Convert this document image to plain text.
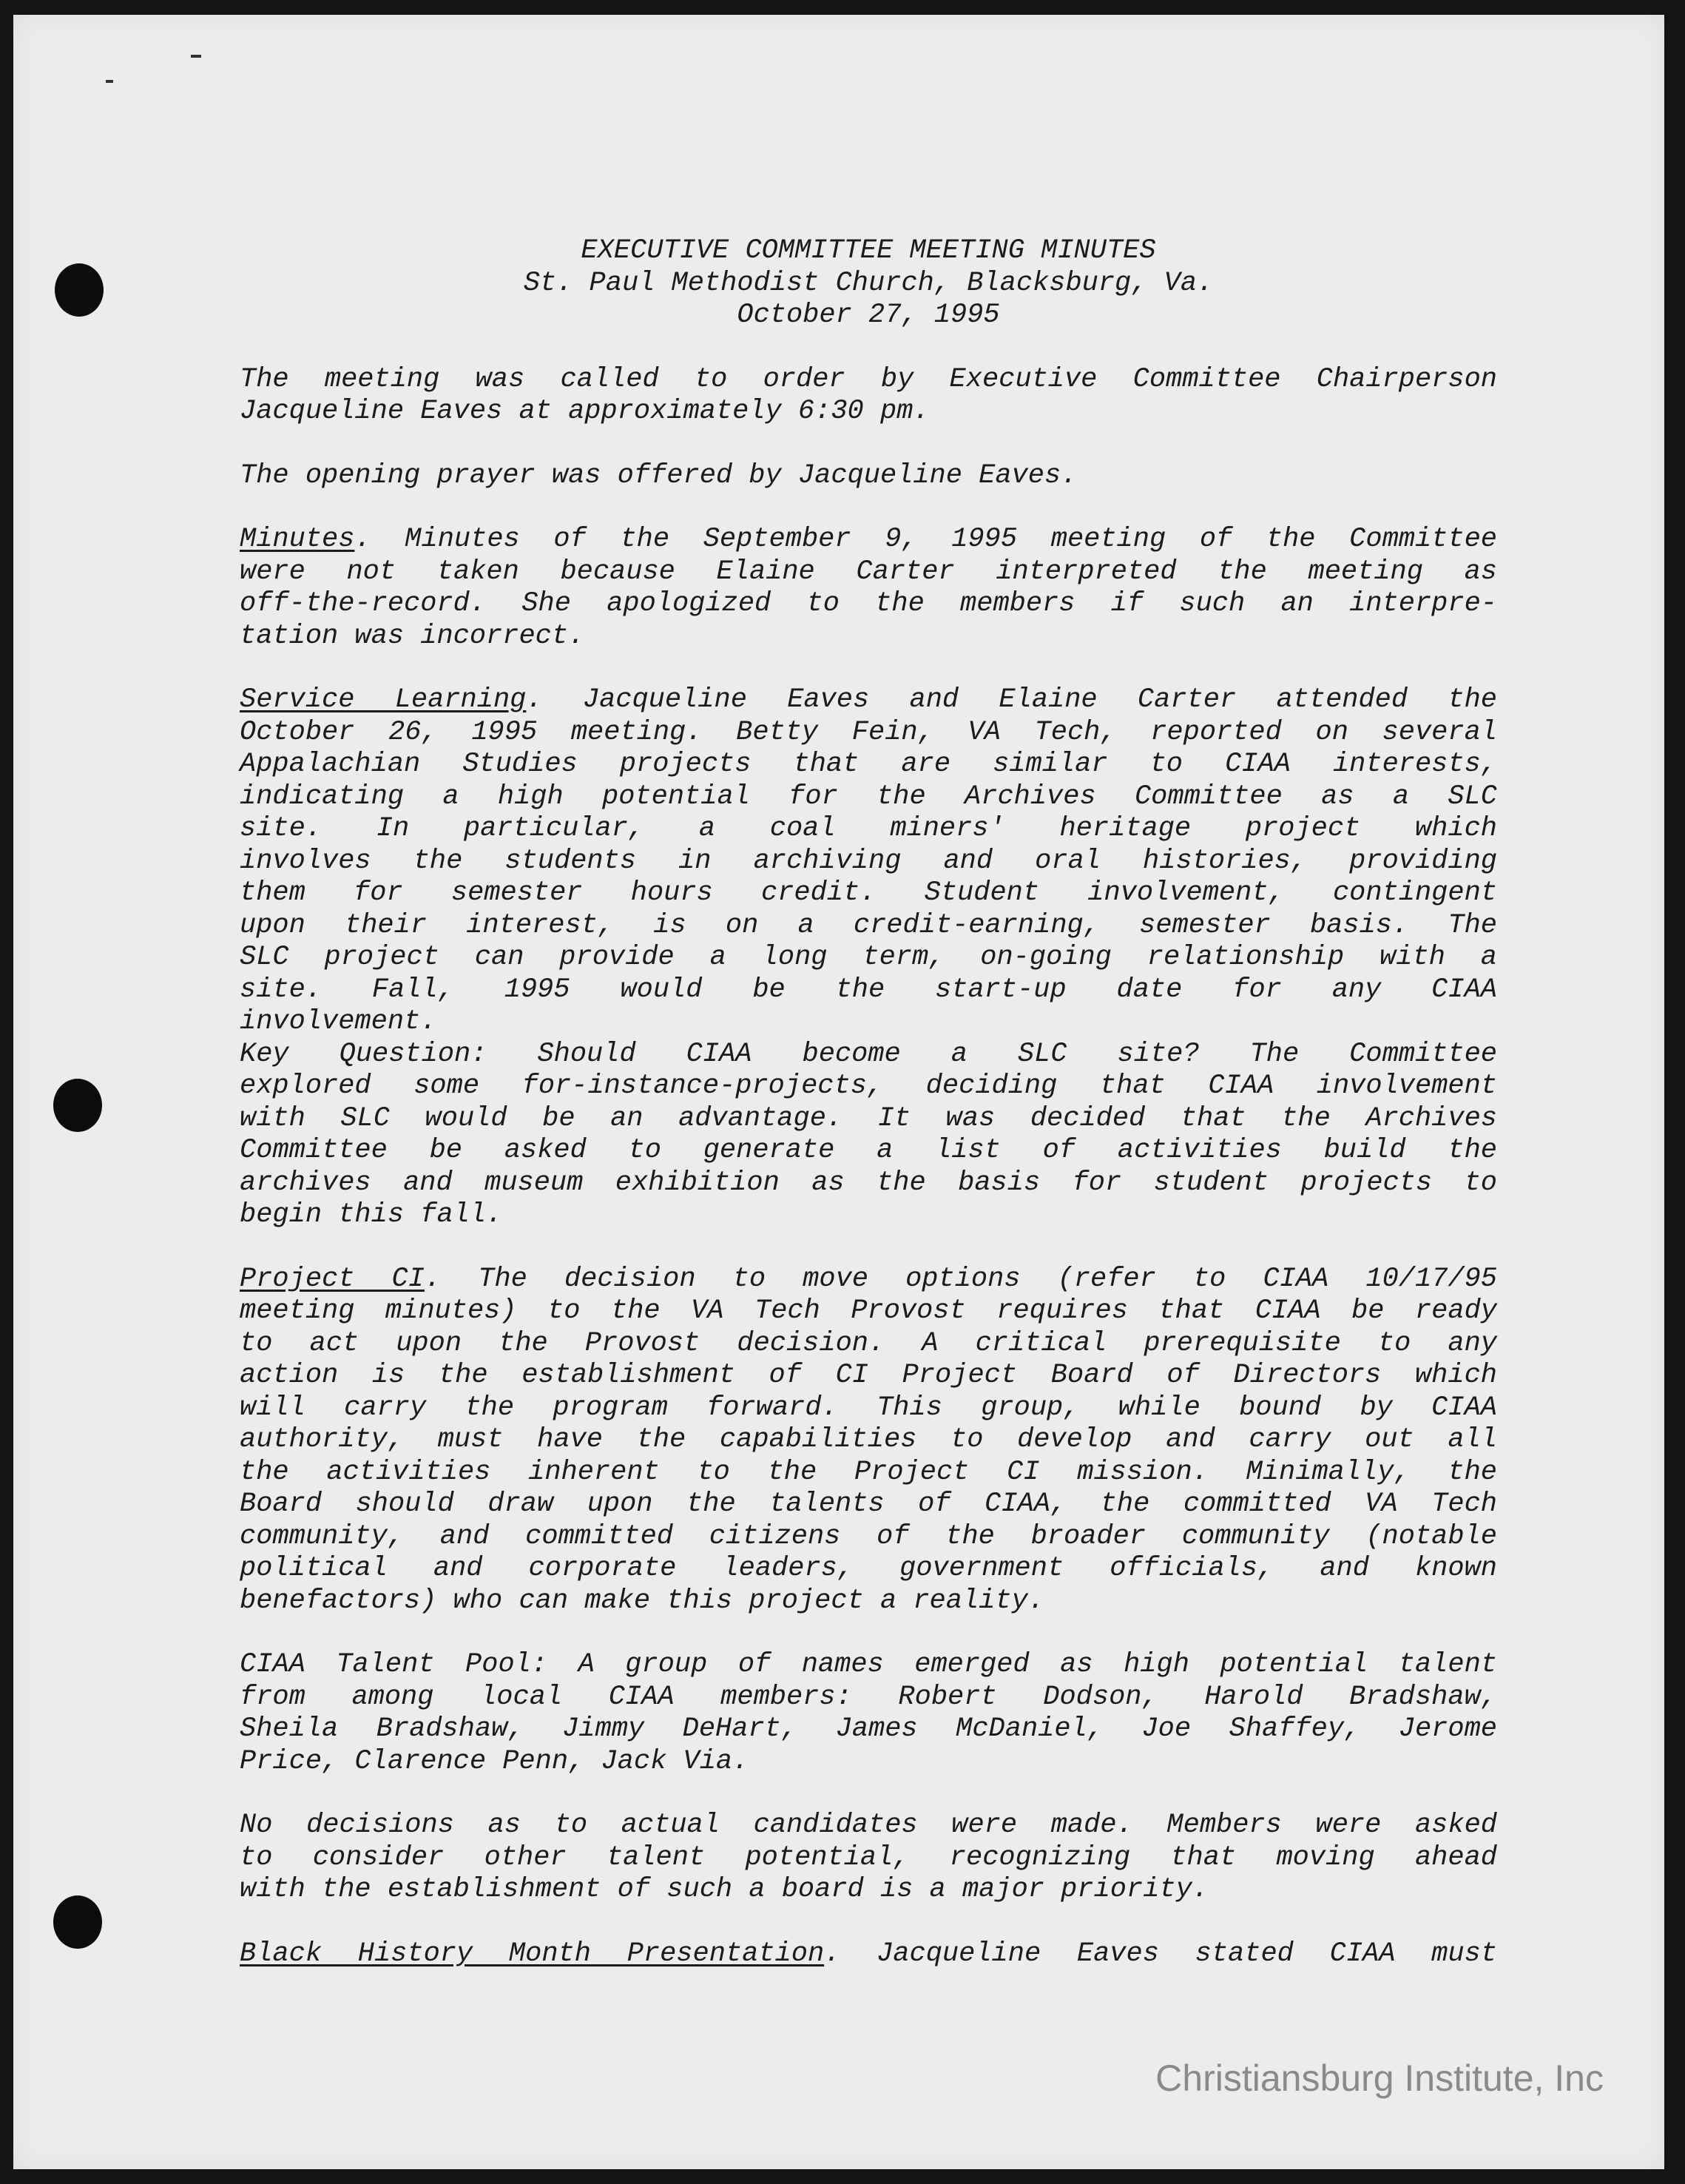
EXECUTIVE COMMITTEE MEETING MINUTES
St. Paul Methodist Church, Blacksburg, Va.
October 27, 1995
The meeting was called to order by Executive Committee Chairperson
Jacqueline Eaves at approximately 6:30 pm.
The opening prayer was offered by Jacqueline Eaves.
Minutes. Minutes of the September 9, 1995 meeting of the Committee
were not taken because Elaine Carter interpreted the meeting as
off-the-record. She apologized to the members if such an interpre-
tation was incorrect.
Service Learning. Jacqueline Eaves and Elaine Carter attended the
October 26, 1995 meeting. Betty Fein, VA Tech, reported on several
Appalachian Studies projects that are similar to CIAA interests,
indicating a high potential for the Archives Committee as a SLC
site. In particular, a coal miners' heritage project which
involves the students in archiving and oral histories, providing
them for semester hours credit. Student involvement, contingent
upon their interest, is on a credit-earning, semester basis. The
SLC project can provide a long term, on-going relationship with a
site. Fall, 1995 would be the start-up date for any CIAA
involvement.
Key Question: Should CIAA become a SLC site? The Committee
explored some for-instance-projects, deciding that CIAA involvement
with SLC would be an advantage. It was decided that the Archives
Committee be asked to generate a list of activities build the
archives and museum exhibition as the basis for student projects to
begin this fall.
Project CI. The decision to move options (refer to CIAA 10/17/95
meeting minutes) to the VA Tech Provost requires that CIAA be ready
to act upon the Provost decision. A critical prerequisite to any
action is the establishment of CI Project Board of Directors which
will carry the program forward. This group, while bound by CIAA
authority, must have the capabilities to develop and carry out all
the activities inherent to the Project CI mission. Minimally, the
Board should draw upon the talents of CIAA, the committed VA Tech
community, and committed citizens of the broader community (notable
political and corporate leaders, government officials, and known
benefactors) who can make this project a reality.
CIAA Talent Pool: A group of names emerged as high potential talent
from among local CIAA members: Robert Dodson, Harold Bradshaw,
Sheila Bradshaw, Jimmy DeHart, James McDaniel, Joe Shaffey, Jerome
Price, Clarence Penn, Jack Via.
No decisions as to actual candidates were made. Members were asked
to consider other talent potential, recognizing that moving ahead
with the establishment of such a board is a major priority.
Black History Month Presentation. Jacqueline Eaves stated CIAA must
Christiansburg Institute, Inc
